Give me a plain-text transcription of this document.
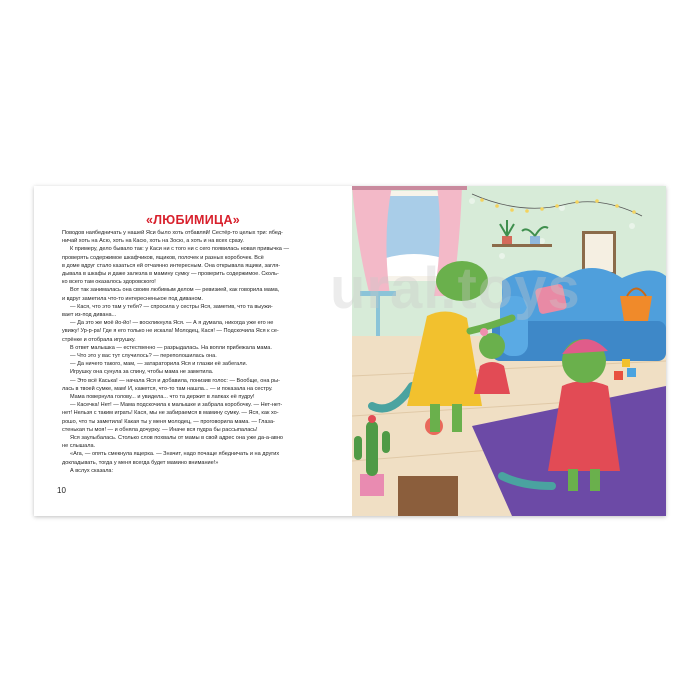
«ЛЮБИМИЦА»

Поводов наябедничать у нашей Яси было хоть отбавляй! Сестёр-то целых три: ябед-

ничай хоть на Асю, хоть на Касю, хоть на Зосю, а хоть и на всех сразу.

К примеру, дело бывало так: у Каси ни с того ни с сего появилась новая привычка —

проверять содержимое шкафчиков, ящиков, полочек и разных коробочек. Всё

в доме вдруг стало казаться ей отчаянно интересным. Она открывала ящики, загля-

дывала в шкафы и даже залезла в мамину сумку — проверить содержимое. Сколь-

ко всего там оказалось здоровского!

Вот так занималась она своим любимым делом — ревизией, как говорила мама,

и вдруг заметила что-то интересненькое под диваном.

— Кася, что это там у тебя? — спросила у сестры Яся, заметив, что та выужи-

вает из-под дивана...

— Да это же моё йо-йо! — воскликнула Яся. — А я думала, никогда уже его не

увижу! Ур-р-ра! Где я его только не искала! Молодец, Кася! — Подскочила Яся к се-

стрёнке и отобрала игрушку.

В ответ малышка — естественно — разрыдалась. На вопли прибежала мама.

— Что это у вас тут случилось? — переполошилась она.

— Да ничего такого, мам, — затараторила Яся и глазки её забегали.

Игрушку она сунула за спину, чтобы мама не заметила.

— Это всё Каська! — начала Яся и добавила, понизив голос: — Вообще, она ры-

лась в твоей сумке, мам! И, кажется, что-то там нашла... — и показала на сестру.

Мама повернула голову... и увидела... что та держит в лапках её пудру!

— Касечка! Нет! — Мама подскочила к малышке и забрала коробочку. — Нет-нет-

нет! Нельзя с таким играть! Кася, мы не забираемся в мамину сумку. — Яся, как хо-

рошо, что ты заметила! Какая ты у меня молодец, — проговорила мама. — Глаза-

стенькая ты моя! — и обняла дочурку. — Иначе вся пудра бы рассыпалась!

Яся заулыбалась. Столько слов похвалы от мамы в свой адрес она уже да-а-авно

не слышала.

«Ага, — опять смекнула ящерка. — Значит, надо почаще ябедничать и на других

докладывать, тогда у меня всегда будет мамино внимание!»

А вслух сказала:

10
ural.toys
